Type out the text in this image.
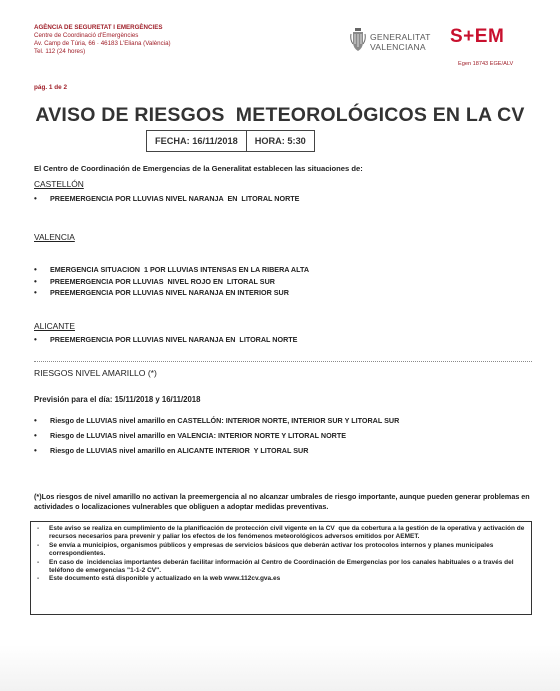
AGÈNCIA DE SEGURETAT I EMERGÈNCIES
Centre de Coordinació d'Emergències
Av. Camp de Túria, 66 · 46183 L'Eliana (València)
Tel. 112 (24 hores)
GENERALITAT
VALENCIANA S+EM
Egen 18743 EGE/ALV
pág. 1 de 2
AVISO DE RIESGOS  METEOROLÓGICOS EN LA CV
FECHA: 16/11/2018	HORA: 5:30
El Centro de Coordinación de Emergencias de la Generalitat establecen las situaciones de:
CASTELLÓN
• PREEMERGENCIA POR LLUVIAS NIVEL NARANJA  EN  LITORAL NORTE
VALENCIA
• EMERGENCIA SITUACION  1 POR LLUVIAS INTENSAS EN LA RIBERA ALTA
• PREEMERGENCIA POR LLUVIAS  NIVEL ROJO EN  LITORAL SUR
• PREEMERGENCIA POR LLUVIAS NIVEL NARANJA EN INTERIOR SUR
ALICANTE
• PREEMERGENCIA POR LLUVIAS NIVEL NARANJA EN  LITORAL NORTE
RIESGOS NIVEL AMARILLO (*)
Previsión para el día: 15/11/2018 y 16/11/2018
• Riesgo de LLUVIAS nivel amarillo en CASTELLÓN: INTERIOR NORTE, INTERIOR SUR Y LITORAL SUR
• Riesgo de LLUVIAS nivel amarillo en VALENCIA: INTERIOR NORTE Y LITORAL NORTE
• Riesgo de LLUVIAS nivel amarillo en ALICANTE INTERIOR  Y LITORAL SUR
(*)Los riesgos de nivel amarillo no activan la preemergencia al no alcanzar umbrales de riesgo importante, aunque pueden generar problemas en actividades o localizaciones vulnerables que obliguen a adoptar medidas preventivas.
- Este aviso se realiza en cumplimiento de la planificación de protección civil vigente en la CV  que da cobertura a la gestión de la operativa y activación de recursos necesarios para prevenir y paliar los efectos de los fenómenos meteorológicos adversos emitidos por AEMET.
- Se envía a municipios, organismos públicos y empresas de servicios básicos que deberán activar los protocolos internos y planes municipales correspondientes.
- En caso de  incidencias importantes deberán facilitar información al Centro de Coordinación de Emergencias por los canales habituales o a través del teléfono de emergencias "1-1-2 CV".
- Este documento está disponible y actualizado en la web www.112cv.gva.es
